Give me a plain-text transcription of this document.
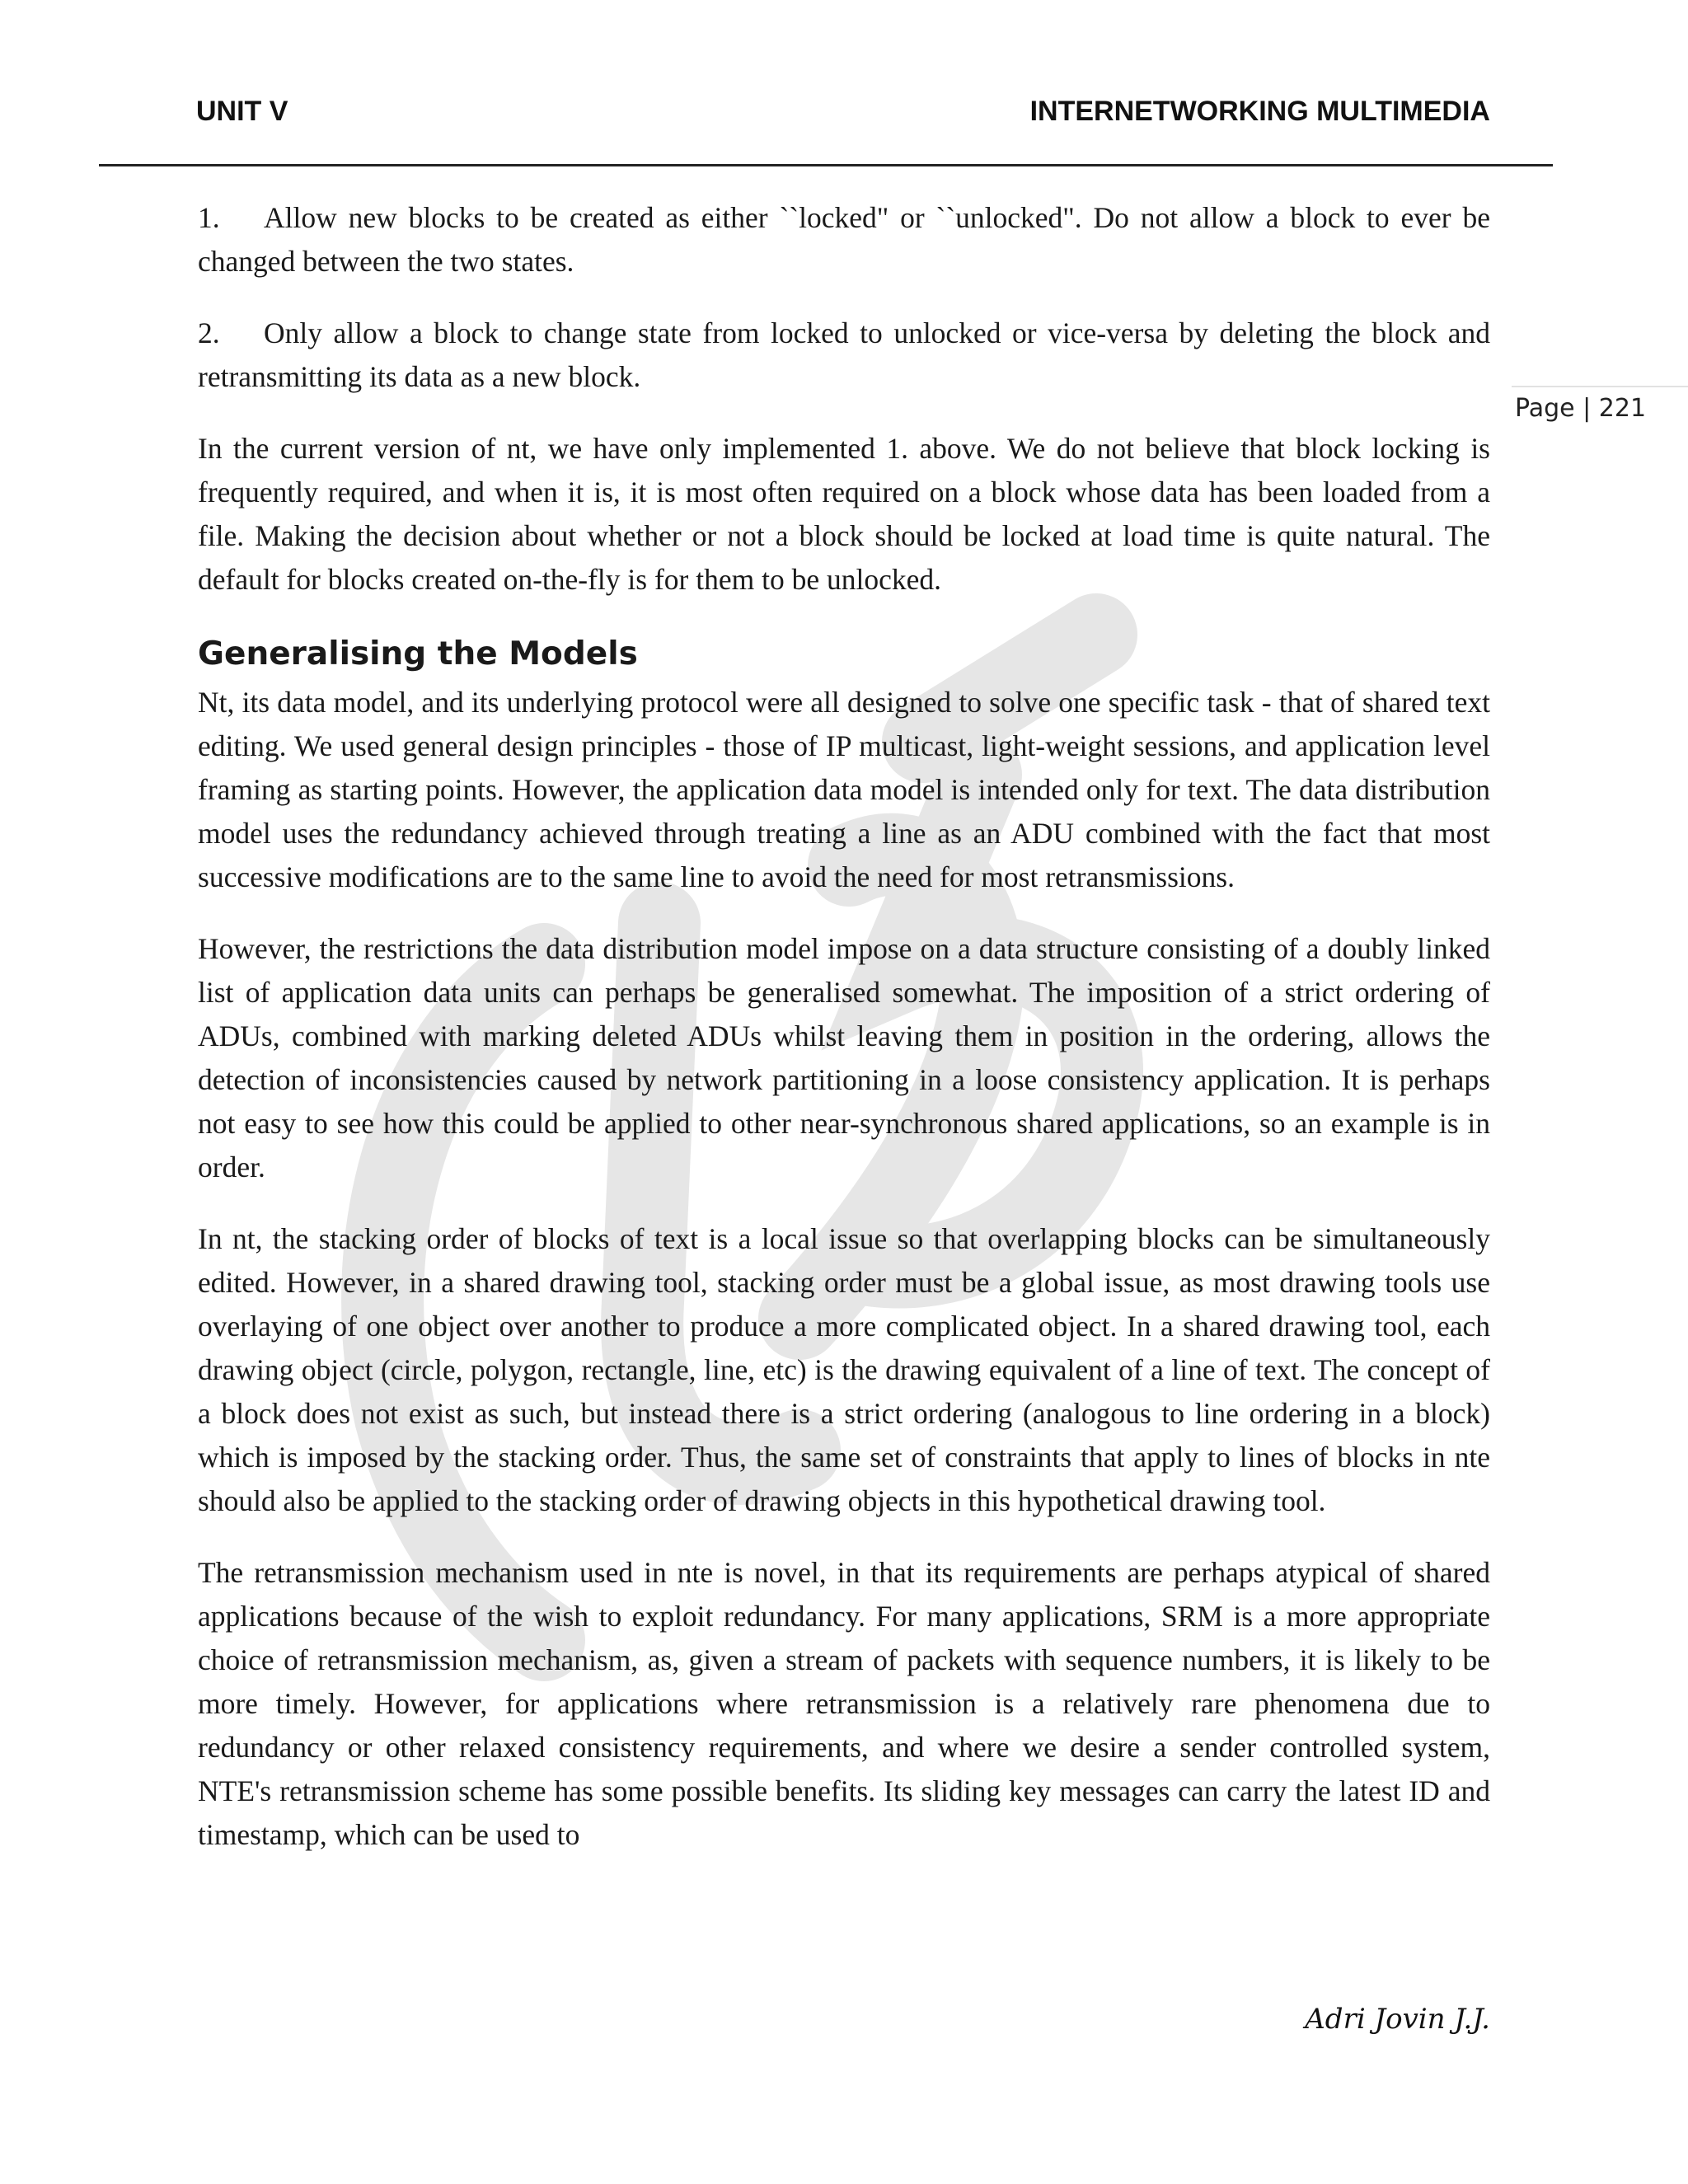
UNIT V	INTERNETWORKING MULTIMEDIA
Page | 221

1. Allow new blocks to be created as either ``locked" or ``unlocked". Do not allow a block to ever be changed between the two states.

2. Only allow a block to change state from locked to unlocked or vice-versa by deleting the block and retransmitting its data as a new block.

In the current version of nt, we have only implemented 1. above. We do not believe that block locking is frequently required, and when it is, it is most often required on a block whose data has been loaded from a file. Making the decision about whether or not a block should be locked at load time is quite natural. The default for blocks created on-the-fly is for them to be unlocked.

Generalising the Models

Nt, its data model, and its underlying protocol were all designed to solve one specific task - that of shared text editing. We used general design principles - those of IP multicast, light-weight sessions, and application level framing as starting points. However, the application data model is intended only for text. The data distribution model uses the redundancy achieved through treating a line as an ADU combined with the fact that most successive modifications are to the same line to avoid the need for most retransmissions.

However, the restrictions the data distribution model impose on a data structure consisting of a doubly linked list of application data units can perhaps be generalised somewhat. The imposition of a strict ordering of ADUs, combined with marking deleted ADUs whilst leaving them in position in the ordering, allows the detection of inconsistencies caused by network partitioning in a loose consistency application. It is perhaps not easy to see how this could be applied to other near-synchronous shared applications, so an example is in order.

In nt, the stacking order of blocks of text is a local issue so that overlapping blocks can be simultaneously edited. However, in a shared drawing tool, stacking order must be a global issue, as most drawing tools use overlaying of one object over another to produce a more complicated object. In a shared drawing tool, each drawing object (circle, polygon, rectangle, line, etc) is the drawing equivalent of a line of text. The concept of a block does not exist as such, but instead there is a strict ordering (analogous to line ordering in a block) which is imposed by the stacking order. Thus, the same set of constraints that apply to lines of blocks in nte should also be applied to the stacking order of drawing objects in this hypothetical drawing tool.

The retransmission mechanism used in nte is novel, in that its requirements are perhaps atypical of shared applications because of the wish to exploit redundancy. For many applications, SRM is a more appropriate choice of retransmission mechanism, as, given a stream of packets with sequence numbers, it is likely to be more timely. However, for applications where retransmission is a relatively rare phenomena due to redundancy or other relaxed consistency requirements, and where we desire a sender controlled system, NTE's retransmission scheme has some possible benefits. Its sliding key messages can carry the latest ID and timestamp, which can be used to

Adri Jovin J.J.
